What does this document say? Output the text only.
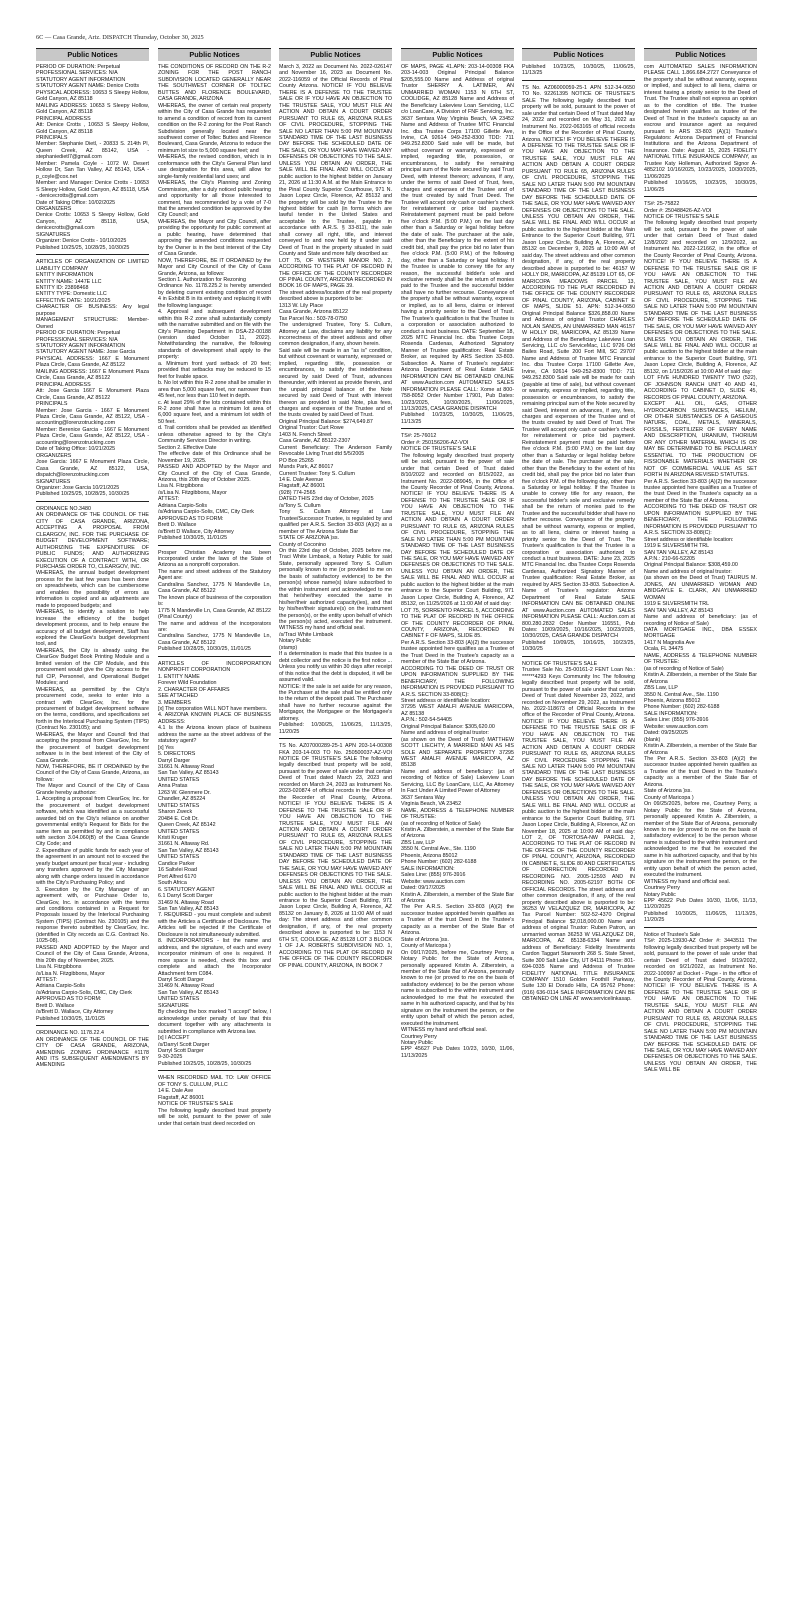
6C — Casa Grande, Ariz. DISPATCH Thursday, October 30, 2025
Public Notices

PERIOD OF DURATION: Perpetual

PROFESSIONAL SERVICES: N/A

STATUTORY AGENT INFORMATION

STATUTORY AGENT NAME: Denice Crotts

PHYSICAL ADDRESS: 10653 S Sleepy Hollow, Gold Canyon, AZ 85118

MAILING ADDRESS: 10653 S Sleepy Hollow, Gold Canyon, AZ 85118

PRINCIPAL ADDRESS

Att: Denice Crotts , 10653 S Sleepy Hollow, Gold Canyon, AZ 85118

PRINCIPALS

Member: Stephanie Dietl, - 20833 S. 214th Pl, Queen Creek, AZ 85142, USA - stephaniedietl7@gmail.com

Member: Pamela Coyle - 1072 W. Desert Hollow Dr, San Tan Valley, AZ 85143, USA - p_coyle@cox.net

Member: and Manager: Denice Crotts - 10653 S Sleepy Hollow, Gold Canyon, AZ 85118, USA - denicecrotts@gmail.com

Date of Taking Office: 10/02/2025

ORGANIZERS

Denice Crotts: 10653 S Sleepy Hollow, Gold Canyon, AZ 85118, USA, denicecrotts@gmail.com

SIGNATURES

Organizer: Denice Crotts - 10/10/2025

Published 10/25/25, 10/28/25, 10/30/25

ARTICLES OF ORGANIZATION OF LIMITED LIABILITY COMPANY

ENTITY INFORMATION

ENTITY NAME: 1447E LLC

ENTITY ID: 23898468

ENTITY TYPE: Domestic LLC

EFFECTIVE DATE: 10/21/2025

CHARACTER OF BUSINESS: Any legal purpose

MANAGEMENT STRUCTURE: Member-Owned

PERIOD OF DURATION: Perpetual

PROFESSIONAL SERVICES: N/A

STATUTORY AGENT INFORMATION

STATUTORY AGENT NAME: Jose Garcia

PHYSICAL ADDRESS: 1667 E Monument Plaza Circle, Casa Grande, AZ 85122

MAILING ADDRESS: 1667 E Monument Plaza Circle, Casa Grande, AZ 85122

PRINCIPAL ADDRESS

Att: Jose Garcia 1667 E Monument Plaza Circle, Casa Grande, AZ 85122

PRINCIPALS

Member: Jose Garcia - 1667 E Monument Plaza Circle, Casa Grande, AZ 85122, USA - accounting@lorenzotrucking.com

Member: Berenice Garcia - 1667 E Monument Plaza Circle, Casa Grande, AZ 85122, USA - accounting@lorenzotrucking.com

Date of Taking Office: 10/21/2025

ORGANIZERS

Jose Garcia: 1667 E Monument Plaza Circle, Casa Grande, AZ 85122, USA, dispatch@lorenzotrucking.com

SIGNATURES

Organizer: Jose Garcia 10/21/2025

Published 10/25/25, 10/28/25, 10/30/25

ORDINANCE NO.3480

AN ORDINANCE OF THE COUNCIL OF THE CITY OF CASA GRANDE, ARIZONA, ACCEPTING A PROPOSAL FROM CLEARGOV, INC. FOR THE PURCHASE OF BUDGET DEVELOPMENT SOFTWARE; AUTHORIZING THE EXPENDITURE OF PUBLIC FUNDS; AND AUTHORIZING EXECUTION OF A CONTRACT WITH, OR PURCHASE ORDER TO, CLEARGOV, INC.

WHEREAS, the annual budget development process for the last few years has been done on spreadsheets, which can be cumbersome and enables the possibility of errors as information is copied and as adjustments are made to proposed budgets; and

WHEREAS, to identify a solution to help increase the efficiency of the budget development process, and to help ensure the accuracy of all budget development, Staff has explored the ClearGov's budget development tool, and

WHEREAS, the City is already using the ClearGov Budget Book Printing Module and a limited version of the CIP Module, and this procurement would give the City access to the full CIP, Personnel, and Operational Budget Modules; and

WHEREAS, as permitted by the City's procurement code, seeks to enter into a contract with ClearGov, Inc. for the procurement of budget development software on the terms, conditions, and specifications set forth in the Interlocal Purchasing System (TIPS) (Contract No. 230105); and

WHEREAS, the Mayor and Council find that accepting the proposal from ClearGov, Inc. for the procurement of budget development software is in the best interest of the City of Casa Grande.

NOW, THEREFORE, BE IT ORDAINED by the Council of the City of Casa Grande, Arizona, as follows:

The Mayor and Council of the City of Casa Grande hereby authorize:

1. Accepting a proposal from ClearGov, Inc. for the procurement of budget development software, which was identified as a successful awarded bid on the City's reliance on another governmental entity's Request for Bids for the same item as permitted by and in compliance with section 3.04.060(B) of the Casa Grande City Code; and

2. Expenditure of public funds for each year of the agreement in an amount not to exceed the yearly budget amount per fiscal year - including any transfers approved by the City Manager along with change orders issued in accordance with the City's Purchasing Policy; and

3. Execution by the City Manager of an agreement with, or Purchase Order to, ClearGov, Inc. in accordance with the terms and conditions contained in a Request for Proposals issued by the Interlocal Purchasing System (TIPS) (Contract No. 230105) and the response thereto submitted by ClearGov, Inc. (identified in City records as C.G. Contract No. 1025-08).

PASSED AND ADOPTED by the Mayor and Council of the City of Casa Grande, Arizona, this 20th day of November, 2025.

Lisa N. Fitzgibbons

/s/Lisa N. Fitzgibbons, Mayor

ATTEST:

Adriana Carpio-Solis

/s/Adriana Carpio-Solis, CMC, City Clerk

APPROVED AS TO FORM:

Brett D. Wallace

/s/Brett D. Wallace, City Attorney

Published 10/30/25, 11/01/25

ORDINANCE NO. 1178.22.4

AN ORDINANCE OF THE COUNCIL OF THE CITY OF CASA GRANDE, ARIZONA, AMENDING ZONING ORDINANCE #1178 AND ITS SUBSEQUENT AMENDMENTS BY AMENDING

Public Notices

THE CONDITIONS OF RECORD ON THE R-2 ZONING FOR THE POST RANCH SUBDIVISION LOCATED GENERALLY NEAR THE SOUTHWEST CORNER OF TOLTEC BUTTES AND FLORENCE BOULEVARD, CASA GRANDE, ARIZONA

WHEREAS, the owner of certain real property within the City of Casa Grande has requested to amend a condition of record from its current condition on the R-2 zoning for the Post Ranch Subdivision generally located near the southwest corner of Toltec Buttes and Florence Boulevard, Casa Grande, Arizona to reduce the minimum lot size to 5,000 square feet; and

WHEREAS, the revised condition, which is in conformance with the City's General Plan land use designation for this area, will allow for single-family residential land uses; and

WHEREAS, the City's Planning and Zoning Commission, after a duly noticed public hearing and opportunity for all those interested to comment, has recommended by a vote of 7-0 that the amended condition be approved by the City Council; and

WHEREAS, the Mayor and City Council, after providing the opportunity for public comment at a public hearing, have determined that approving the amended conditions requested by the Owner is in the best interest of the City of Casa Grande.

NOW, THEREFORE, BE IT ORDAINED by the Mayor and City Council of the City of Casa Grande, Arizona, as follows:

Section 1. Authorization for Rezoning

Ordinance No. 1178.225.2 is hereby amended by deleting current existing condition of record 4 in Exhibit B in its entirety and replacing it with the following language:

4. Approval and subsequent development within this R-2 zone shall substantially comply with the narrative submitted and on file with the City's Planning Department in DSA-22-00188 (version dated October 11, 2022). Notwithstanding the narrative, the following standards of development shall apply to the property:

a. Minimum front yard setback of 20 feet; provided that setbacks may be reduced to 15 feet for livable space.

b. No lot within this R-2 zone shall be smaller in area than 5,000 square feet, nor narrower than 45 feet, nor less than 110 feet in depth.

c. At least 29% of the lots contained within this R-2 zone shall have a minimum lot area of 6,000 square feet, and a minimum lot width of 50 feet.

d. Trail corridors shall be provided as identified unless otherwise agreed to by the City's Community Services Director in writing.

Section 2. Effective Date

The effective date of this Ordinance shall be November 19, 2025.

PASSED AND ADOPTED by the Mayor and City Council of the City of Casa Grande, Arizona, this 20th day of October 2025.

Lisa N. Fitzgibbons

/s/Lisa N. Fitzgibbons, Mayor

ATTEST:

Adriana Carpio-Solis

/s/Adriana Carpio-Solis, CMC, City Clerk

APPROVED AS TO FORM:

Brett D. Wallace

/s/Brett D Wallace, City Attorney

Published 10/30/25, 11/01/25

Prosper Christian Academy has been incorporated under the laws of the State of Arizona as a nonprofit corporation.

The name and street address of the Statutory Agent are:

Candralina Sanchez, 1775 N Mandeville Ln, Casa Grande, AZ 85122

The known place of business of the corporation is:

1775 N Mandeville Ln, Casa Grande, AZ 85122 (Pinal County)

The name and address of the incorporators are:

Candralina Sanchez, 1775 N Mandeville Ln, Casa Grande, AZ 85122

Published 10/28/25, 10/30/25, 11/01/25

ARTICLES OF INCORPORATION NONPROFIT CORPORATION

1. ENTITY NAME

Forever Wild Foundation

2. CHARACTER OF AFFAIRS

SEE ATTACHED

3. MEMBERS

[x] The corporation WILL NOT have members.

4. ARIZONA KNOWN PLACE OF BUSINESS ADDRESS:

4.1 Is the Arizona known place of business address the same as the street address of the statutory agent?

[x] Yes

5. DIRECTORS

Darryl Darger

31661 N. Altaway Road

San Tan Valley, AZ 85143

UNITED STATES

Anna Pratas

1263 W. Glenmere Dr.

Chandler, AZ 85224

UNITED STATES

Sharon Zweck

20484 E. Colt Dr.

Queen Creek, AZ 85142

UNITED STATES

Kristi Kruger

31661 N. Altaway Rd.

San Tan Valley, AZ 85143

UNITED STATES

Candice Parker

16 Saltvlei Road

Port Alfred 6170

South Africa

6. STATUTORY AGENT

6.1 Darryl Scott Darger

31469 N. Altaway Road

San Tan Valley, AZ 85143

7. REQUIRED - you must complete and submit with the Articles a Certificate of Disclosure. The Articles will be rejected if the Certificate of Disclosure is not simultaneously submitted.

8. INCORPORATORS - list the name and address, and the signature, of each and every incorporator minimum of one is required. If more space is needed, check this box and complete and attach the Incorporator Attachment form C084.

Darryl Scott Darger

31469 N. Altaway Road

San Tan Valley, AZ 85143

UNITED STATES

SIGNATURE

By checking the box marked "I accept" below, I acknowledge under penalty of law that this document together with any attachments is submitted in compliance with Arizona law.

[x] I ACCEPT

/s/Darryl Scott Darger

Darryl Scott Darger

9-30-2025

Published 10/25/25, 10/28/25, 10/30/25

WHEN RECORDED MAIL TO: LAW OFFICE OF TONY S. CULLUM, PLLC

14 E. Dale Ave

Flagstaff, AZ 86001

NOTICE OF TRUSTEE'S SALE

The following legally described trust property will be sold, pursuant to the power of sale under that certain trust deed recorded on

Public Notices

March 3, 2022 as Document No. 2022-026147 and November 16, 2023 as Document No. 2022-116059 of the Official Records of Pinal County Arizona. NOTICE! IF YOU BELIEVE THERE IS A DEFENSE TO THE TRUSTEE SALE OR IF YOU HAVE AN OBJECTION TO THE TRUSTEE SALE, YOU MUST FILE AN ACTION AND OBTAIN A COURT ORDER PURSUANT TO RULE 65, ARIZONA RULES OF CIVIL PROCEDURE, STOPPING THE SALE NO LATER THAN 5:00 PM MOUNTAIN STANDARD TIME OF THE LAST BUSINESS DAY BEFORE THE SCHEDULED DATE OF THE SALE, OR YOU MAY HAVE WAIVED ANY DEFENSES OR OBJECTIONS TO THE SALE. UNLESS YOU OBTAIN AN ORDER, THE SALE WILL BE FINAL AND WILL OCCUR at public auction to the highest bidder on January 21, 2026 at 11:30 A.M. at the Main Entrance to the Pinal County Superior Courthouse, 971 N. Jason Lopez Circle, Florence, AZ 85132 and the property will be sold by the Trustee to the highest bidder for cash (in forms which are lawful tender in the United States and acceptable to the Trustee, payable in accordance with A.R.S. § 33-811), the sale shall convey all right, title, and interest conveyed to and now held by it under said Deed of Trust in the property situated in said County and State and more fully described as:

LOT 75, OF WESTERN MANOR NO. 2, ACCORDING TO THE PLAT OF RECORD IN THE OFFICE OF THE COUNTY RECORDER OF PINAL COUNTY, ARIZONA RECORDED IN BOOK 16 OF MAPS, PAGE 39.

The street address/location of the real property described above is purported to be:

1313 W. Lily Place

Casa Grande, Arizona 85122

Tax Parcel No.: 503-78-0750

The undersigned Trustee, Tony S. Cullum, Attorney at Law, disclaims any liability for any incorrectness of the street address and other common designation, if any, shown herein.

Said sale will be made in an "as is" condition, but without covenant or warranty, expressed or implied, regarding title, possession or encumbrances, to satisfy the indebtedness secured by said Deed of Trust, advances thereunder, with interest as provide therein, and the unpaid principal balance of the Note secured by said Deed of Trust with interest thereon as provided in said Note, plus fees, charges and expenses of the Trustee and of the trusts created by said Deed of Trust.

Original Principal Balance: $274,649.87

Original Trustor: Curt Rowe

1403 N. French Street

Casa Grande, AZ 85122-2307

Current Beneficiary: The Anderson Family Revocable Living Trust dtd 5/5/2005

PO Box 25265

Munds Park, AZ 86017

Current Trustee: Tony S. Cullum

14 E. Dale Avenue

Flagstaff, AZ 86001

(928) 774-2565

DATED THIS 23rd day of October, 2025

/s/Tony S. Cullum

Tony S. Cullum Attorney at Law Trustee/Successor Trustee, is regulated by and qualified per A.R.S. Section 33-803 (A)(2) as a member of The Arizona State Bar

STATE OF ARIZONA )ss.

County of Coconino

On this 23rd day of October, 2025 before me, Traci White Limbaok, a Notary Public for said State, personally appeared Tony S. Cullum personally known to me (or provided to me on the basis of satisfactory evidence) to be the person(s) whose name(s) is/are subscribed to the within instrument and acknowledged to me that he/she/they executed the same in his/her/their authorized capacity(ies), and that by his/her/their signature(s) on the instrument the person(s), or the entity upon behalf of which the person(s) acted, executed the instrument. WITNESS my hand and official seal.

/s/Traci White Limbaok

Notary Public

(stamp)

If a determination is made that this trustee is a debt collector and the notice is the first notice ... Unless you notify us within 30 days after receipt of this notice that the debt is disputed, it will be assumed valid.

NOTICE: If the sale is set aside for any reason, the Purchaser at the sale shall be entitled only to the return of the deposit paid. The Purchaser shall have no further recourse against the Mortgagor, the Mortgagee or the Mortgagee's attorney.

Published: 10/30/25, 11/06/25, 11/13/25, 11/20/25

TS No. AZ07000289-25-1 APN 203-14-00308 FKA 203-14-003 TO No. 250500037-AZ-VOI NOTICE OF TRUSTEE'S SALE The following legally described trust property will be sold, pursuant to the power of sale under that certain Deed of Trust dated March 23, 2023 and recorded on March 24, 2023 as Instrument No. 2023-020874 of official records in the Office of the Recorder of Pinal County, Arizona. NOTICE! IF YOU BELIEVE THERE IS A DEFENSE TO THE TRUSTEE SALE OR IF YOU HAVE AN OBJECTION TO THE TRUSTEE SALE, YOU MUST FILE AN ACTION AND OBTAIN A COURT ORDER PURSUANT TO RULE 65, ARIZONA RULES OF CIVIL PROCEDURE, STOPPING THE SALE NO LATER THAN 5:00 PM MOUNTAIN STANDARD TIME OF THE LAST BUSINESS DAY BEFORE THE SCHEDULED DATE OF THE SALE, OR YOU MAY HAVE WAIVED ANY DEFENSES OR OBJECTIONS TO THE SALE. UNLESS YOU OBTAIN AN ORDER, THE SALE WILL BE FINAL AND WILL OCCUR at public auction to the highest bidder at the main entrance to the Superior Court Building, 971 Jason Lopez Circle, Building A, Florence, AZ 85132 on January 8, 2026 at 11:00 AM of said day: The street address and other common designation, if any, of the real property described above is purported to be: 1153 N 6TH ST, COOLIDGE, AZ 85128 LOT 3 BLOCK 1 OF J.A. ROBERTS SUBDIVISION NO. 1, ACCORDING TO THE PLAT OF RECORD IN THE OFFICE OF THE COUNTY RECORDER OF PINAL COUNTY, ARIZONA, IN BOOK 7

Public Notices

OF MAPS, PAGE 41.APN: 203-14-00308 FKA 203-14-003 Original Principal Balance $205,555.00 Name and Address of original Trustor SHERRY A. LATIMER, AN UNMARRIED WOMAN 1153 N 6TH ST, COOLIDGE, AZ 85128 Name and Address of the Beneficiary Lakeview Loan Servicing, LLC c/o LoanCare, A Division of FNF Servicing, Inc. 3637 Sentara Way Virginia Beach, VA 23452 Name and Address of Trustee MTC Financial Inc. dba Trustee Corps 17100 Gillette Ave, Irvine, CA 92614 949-252-8300 TDD: 711 949.252.8300 Said sale will be made, but without covenant or warranty, expressed or implied, regarding title, possession, or encumbrances, to satisfy the remaining principal sum of the Note secured by said Trust Deed, with interest thereon; advances, if any, under the terms of said Deed of Trust, fees, charges and expenses of the Trustee and of the trust created by said Trust Deed. The Trustee will accept only cash or cashier's check for reinstatement or price bid payment. Reinstatement payment must be paid before five o'clock P.M. (5:00 P.M.) on the last day other than a Saturday or legal holiday before the date of sale. The purchaser at the sale, other than the Beneficiary to the extent of his credit bid, shall pay the price bid no later than five o'clock P.M. (5:00 P.M.) of the following day, other than a Saturday or legal holiday. If the Trustee is unable to convey title for any reason, the successful bidder's sole and exclusive remedy shall be the return of monies paid to the Trustee and the successful bidder shall have no further recourse. Conveyance of the property shall be without warranty, express or implied, as to all liens, claims or interest having a priority senior to the Deed of Trust. The Trustee's qualification is that the Trustee is a corporation or association authorized to conduct a trust business. DATE: September 18, 2025 MTC Financial Inc. dba Trustee Corps Rosenda Cardenas, Authorized Signatory Manner of Trustee qualification: Real Estate Broker, as required by ARS Section 33-803. Subsection A. Name of Trustee's regulator: Arizona Department of Real Estate SALE INFORMATION CAN BE OBTAINED ONLINE AT www.Auction.com AUTOMATED SALES INFORMATION PLEASE CALL: Xome at 800-758-8052 Order Number 17901, Pub Dates: 10/23/2025, 10/30/2025, 11/06/2025, 11/13/2025, CASA GRANDE DISPATCH

Published 10/23/25, 10/30/25, 11/06/25, 11/13/25

TS#: 25-76012

Order #: 250156206-AZ-VOI

NOTICE OF TRUSTEE'S SALE

The following legally described trust property will be sold, pursuant to the power of sale under that certain Deed of Trust dated 8/10/2022 and recorded on 8/15/2022, as Instrument No. 2022-089045, in the Office of the County Recorder of Pinal County, Arizona. NOTICE! IF YOU BELIEVE THERE IS A DEFENSE TO THE TRUSTEE SALE OR IF YOU HAVE AN OBJECTION TO THE TRUSTEE SALE, YOU MUST FILE AN ACTION AND OBTAIN A COURT ORDER PURSUANT TO RULE 65, ARIZONA RULES OF CIVIL PROCEDURE, STOPPING THE SALE NO LATER THAN 5:00 PM MOUNTAIN STANDARD TIME OF THE LAST BUSINESS DAY BEFORE THE SCHEDULED DATE OF THE SALE, OR YOU MAY HAVE WAIVED ANY DEFENSES OR OBJECTIONS TO THE SALE. UNLESS YOU OBTAIN AN ORDER, THE SALE WILL BE FINAL AND WILL OCCUR at public auction to the highest bidder at the main entrance to the Superior Court Building, 971 Jason Lopez Circle, Building A, Florence, AZ 85132, on 11/25/2026 at 11:00 AM of said day:

LOT 75, SORRENTO PARCEL 5, ACCORDING TO THE PLAT OF RECORD IN THE OFFICE OF THE COUNTY RECORDER OF PINAL COUNTY, ARIZONA, RECORDED IN CABINET F OF MAPS, SLIDE 85.

Per A.R.S. Section 33-803 (A)(2) the successor trustee appointed here qualifies as a Trustee of the Trust Deed in the Trustee's capacity as a member of the State Bar of Arizona.

ACCORDING TO THE DEED OF TRUST OR UPON INFORMATION SUPPLIED BY THE BENEFICIARY, THE FOLLOWING INFORMATION IS PROVIDED PURSUANT TO A.R.S. SECTION 33-808(C):

Street address or identifiable location:

37295 WEST AMALFI AVENUE MARICOPA, AZ 85138

A.P.N.: 502-54-54405

Original Principal Balance: $305,620.00

Name and address of original trustor:

(as shown on the Deed of Trust) MATTHEW SCOTT LIECHTY, A MARRIED MAN AS HIS SOLE AND SEPARATE PROPERTY 37295 WEST AMALFI AVENUE MARICOPA, AZ 85138

Name and address of beneficiary: (as of recording of Notice of Sale) Lakeview Loan Servicing, LLC By LoanCare, LLC, As Attorney In Fact Under A Limited Power of Attorney

3637 Sentara Way

Virginia Beach, VA 23452

NAME, ADDRESS & TELEPHONE NUMBER OF TRUSTEE:

(as of recording of Notice of Sale)

Kristin A. Zilberstein, a member of the State Bar of Arizona

ZBS Law, LLP

3550 N. Central Ave., Ste. 1190

Phoenix, Arizona 85012

Phone Number: (602) 282-6188

SALE INFORMATION:

Sales Line: (855) 976-3916

Website: www.auction.com

Dated: 09/17/2025

Kristin A. Zilberstein, a member of the State Bar of Arizona

The Per A.R.S. Section 33-803 (A)(2) the successor trustee appointed herein qualifies as a Trustee of the trust Deed in the Trustee's capacity as a member of the State Bar of Arizona.

State of Arizona )ss.

County of Maricopa )

On 09/17/2025, before me, Courtney Perry, a Notary Public for the State of Arizona, personally appeared Kristin A. Zilberstein, a member of the State Bar of Arizona, personally known to me (or proved to me on the basis of satisfactory evidence) to be the person whose name is subscribed to the within instrument and acknowledged to me that he executed the same in his authorized capacity, and that by his signature on the instrument the person, or the entity upon behalf of which the person acted, executed the instrument.

WITNESS my hand and official seal.

Courtney Perry

Notary Public

EPP 45627 Pub Dates 10/23, 10/30, 11/06, 11/13/2025

Public Notices

Published 10/23/25, 10/30/25, 11/06/25, 11/13/25

TS No. AZ06000059-25-1 APN 512-34-0650 TO No. 92261395 NOTICE OF TRUSTEE'S SALE The following legally described trust property will be sold, pursuant to the power of sale under that certain Deed of Trust dated May 24, 2022 and recorded on May 31, 2022 as Instrument No. 2022-063165 of official records in the Office of the Recorder of Pinal County, Arizona. NOTICE! IF YOU BELIEVE THERE IS A DEFENSE TO THE TRUSTEE SALE OR IF YOU HAVE AN OBJECTION TO THE TRUSTEE SALE, YOU MUST FILE AN ACTION AND OBTAIN A COURT ORDER PURSUANT TO RULE 65, ARIZONA RULES OF CIVIL PROCEDURE, STOPPING THE SALE NO LATER THAN 5:00 PM MOUNTAIN STANDARD TIME OF THE LAST BUSINESS DAY BEFORE THE SCHEDULED DATE OF THE SALE, OR YOU MAY HAVE WAIVED ANY DEFENSES OR OBJECTIONS TO THE SALE. UNLESS YOU OBTAIN AN ORDER, THE SALE WILL BE FINAL AND WILL OCCUR at public auction to the highest bidder at the Main Entrance to the Superior Court Building, 971 Jason Lopez Circle, Building A, Florence, AZ 85132 on December 9, 2025 at 10:00 AM of said day. The street address and other common designation, if any, of the real property described above is purported to be: 46157 W HOLLY DR, MARICOPA, AZ 85139 LOT 65, OF MARICOPA MEADOWS PARCEL 13, ACCORDING TO THE PLAT RECORDED IN THE OFFICE OF THE COUNTY RECORDER OF PINAL COUNTY, ARIZONA, CABINET E OF MAPS, SLIDE 51. APN: 512-34-0650 Original Principal Balance $326,858.00 Name and Address of original Trustor CHARLES NOLAN SANDS, AN UNMARRIED MAN 46157 W HOLLY DR, MARICOPA, AZ 85139 Name and Address of the Beneficiary Lakeview Loan Servicing, LLC c/o ServiceMac, LLC 9726 Old Bailes Road, Suite 200 Fort Mill, SC 29707 Name and Address of Trustee MTC Financial Inc. dba Trustee Corps 17100 Gillette Ave, Irvine, CA 92614 949-252-8300 TDD: 711 949.252.8300 Said sale will be made for cash (payable at time of sale), but without covenant or warranty, express or implied, regarding title, possession or encumbrances, to satisfy the remaining principal sum of the Note secured by said Deed, interest on advances, if any, fees, charges and expenses of the Trustee and of the trusts created by said Deed of Trust. The Trustee will accept only cash or cashier's check for reinstatement or price bid payment. Reinstatement payment must be paid before five o'clock P.M. (5:00 P.M.) on the last day other than a Saturday or legal holiday before the date of sale. The purchaser at the sale, other than the Beneficiary to the extent of his credit bid, shall pay the price bid no later than five o'clock P.M. of the following day, other than a Saturday or legal holiday. If the Trustee is unable to convey title for any reason, the successful bidder's sole and exclusive remedy shall be the return of monies paid to the Trustee and the successful bidder shall have no further recourse. Conveyance of the property shall be without warranty, express or implied, as to all liens, claims or interest having a priority senior to the Deed of Trust. The Trustee's qualification is that the Trustee is a corporation or association authorized to conduct a trust business. DATE: June 23, 2025 MTC Financial Inc. dba Trustee Corps Rosenda Cardenas, Authorized Signatory Manner of Trustee qualification: Real Estate Broker, as required by ARS Section 33-803. Subsection A. Name of Trustee's regulator: Arizona Department of Real Estate SALE INFORMATION CAN BE OBTAINED ONLINE AT www.Auction.com AUTOMATED SALES INFORMATION PLEASE CALL: Auction.com at 800.280.2832 Order Number 116551, Pub Dates: 10/09/2025, 10/16/2025, 10/23/2025, 10/30/2025, CASA GRANDE DISPATCH

Published 10/09/25, 10/16/25, 10/23/25, 10/30/25

NOTICE OF TRUSTEE'S SALE

Trustee Sale No. 25-00161-2 FENT Loan No.: ******4293 Keys Community Inc The following legally described trust property will be sold, pursuant to the power of sale under that certain Deed of Trust dated November 23, 2022, and recorded on November 29, 2022, as Instrument No. 2022-118673 of Official Records in the office of the Recorder of Pinal County, Arizona. NOTICE! IF YOU BELIEVE THERE IS A DEFENSE TO THE TRUSTEE SALE OR IF YOU HAVE AN OBJECTION TO THE TRUSTEE SALE, YOU MUST FILE AN ACTION AND OBTAIN A COURT ORDER PURSUANT TO RULE 65, ARIZONA RULES OF CIVIL PROCEDURE STOPPING THE SALE NO LATER THAN 5:00 PM MOUNTAIN STANDARD TIME OF THE LAST BUSINESS DAY BEFORE THE SCHEDULED DATE OF THE SALE, OR YOU MAY HAVE WAIVED ANY DEFENSES OR OBJECTIONS TO THE SALE. UNLESS YOU OBTAIN AN ORDER, THE SALE WILL BE FINAL AND WILL OCCUR at public auction to the highest bidder at the main entrance to the Superior Court Building, 971 Jason Lopez Circle, Building A, Florence, AZ on November 18, 2025 at 10:00 AM of said day: LOT 2, OF TORTOSA-NW PARCEL 2, ACCORDING TO THE PLAT OF RECORD IN THE OFFICE OF THE COUNTY RECORDER OF PINAL COUNTY, ARIZONA, RECORDED IN CABINET E, SLIDE 80 AND CERTIFICATES OF CORRECTION RECORDED IN RECORDING NO. 2005-12593 AND IN RECORDING NO. 2005-62197 BOTH OF OFFICIAL RECORDS. The street address and other common designation, if any, of the real property described above is purported to be: 36253 W VELAZQUEZ DR, MARICOPA, AZ Tax Parcel Number: 502-52-4370 Original Principal Balance $2,018,000.00 Name and address of original Trustor: Ruben Patron, an unmarried woman 36253 W VELAZQUEZ DR, MARICOPA, AZ 85138-6334 Name and address of Beneficiary: Fidelity Investments Cardon Taggart Stanworth 268 S. State Street, Suite 300 Salt Lake City, UT 84111 Phone: 801-694-0335 Name and Address of Trustee FIDELITY NATIONAL TITLE INSURANCE COMPANY 1510 Golden Foothill Parkway, Suite 130 El Dorado Hills, CA 95762 Phone: (916) 636-0114 SALE INFORMATION CAN BE OBTAINED ON LINE AT www.servicelinkasap.

Public Notices

com AUTOMATED SALES INFORMATION PLEASE CALL 1.866.684.2727 Conveyance of the property shall be without warranty, express or implied, and subject to all liens, claims or interest having a priority senior to the Deed of Trust. The Trustee shall not express an opinion as to the condition of title. The trustee designated herein qualifies as trustee of the Deed of Trust in the trustee's capacity as an escrow and insurance agent as required pursuant to ARS 33-803 (A)(1) Trustee's Regulators: Arizona Department of Financial Institutions and the Arizona Department of Insurance. Date: August 15, 2025 FIDELITY NATIONAL TITLE INSURANCE COMPANY, as Trustee Katy Holleman, Authorized Signor A-4852102 10/16/2025, 10/23/2025, 10/30/2025, 11/06/2025

Published 10/16/25, 10/23/25, 10/30/25, 11/06/25

TS#: 25-75822

Order #: 250488426-AZ-VOI

NOTICE OF TRUSTEE'S SALE

The following legally described trust property will be sold, pursuant to the power of sale under that certain Deed of Trust dated 12/8/2022 and recorded on 12/9/2022, as Instrument No. 2022-121662, in the office of the County Recorder of Pinal County, Arizona. NOTICE! IF YOU BELIEVE THERE IS A DEFENSE TO THE TRUSTEE SALE OR IF YOU HAVE AN OBJECTION TO THE TRUSTEE SALE, YOU MUST FILE AN ACTION AND OBTAIN A COURT ORDER PURSUANT TO RULE 65, ARIZONA RULES OF CIVIL PROCEDURE, STOPPING THE SALE NO LATER THAN 5:00 PM MOUNTAIN STANDARD TIME OF THE LAST BUSINESS DAY BEFORE THE SCHEDULED DATE OF THE SALE, OR YOU MAY HAVE WAIVED ANY DEFENSES OR OBJECTIONS TO THE SALE. UNLESS YOU OBTAIN AN ORDER, THE SALE WILL BE FINAL AND WILL OCCUR at public auction to the highest bidder at the main entrance to the Superior Court Building, 971 Jason Lopez Circle, Building A, Florence, AZ 85132, on 1/15/2026 at 10:00 AM of said day:

LOT FIVE HUNDRED TWENTY TWO (522), OF JOHNSON RANCH UNIT 40 AND 41, ACCORDING TO CABINET D, SLIDE 45, RECORDS OF PINAL COUNTY, ARIZONA.

EXCEPT ALL OIL, GAS, OTHER HYDROCARBON SUBSTANCES, HELIUM, OR OTHER SUBSTANCES OF A GASEOUS NATURE, COAL, METALS, MINERALS, FOSSILS, FERTILIZER OF EVERY NAME AND DESCRIPTION, URANIUM, THORIUM OR ANY OTHER MATERIAL WHICH IS OR MAY BE DETERMINED TO BE PECULIARLY ESSENTIAL TO THE PRODUCTION OF FISSIONABLE MATERIALS WHETHER OR NOT OF COMMERCIAL VALUE AS SET FORTH IN ARIZONA REVISED STATUTES.

Per A.R.S. Section 33-803 (A)(2) the successor trustee appointed here qualifies as a Trustee of the trust Deed in the Trustee's capacity as a member of the State Bar of Arizona.

ACCORDING TO THE DEED OF TRUST OR UPON INFORMATION SUPPLIED BY THE BENEFICIARY, THE FOLLOWING INFORMATION IS PROVIDED PURSUANT TO A.R.S. SECTION 33-808(C):

Street address or identifiable location:

1919 E SILVERSMITH TRL

SAN TAN VALLEY, AZ 85143

A.P.N.: 210-66-52205

Original Principal Balance: $308,459.00

Name and address of original trustor:

(as shown on the Deed of Trust) TAURUS M. JONES, AN UNMARRIED WOMAN AND ABIDGAYLE E. CLARK, AN UNMARRIED WOMAN

1919 E SILVERSMITH TRL

SAN TAN VALLEY, AZ 85143

Name and address of beneficiary: (as of recording of Notice of Sale)

DATA MORTGAGE INC., DBA ESSEX MORTGAGE

1417 N Magnolia Ave

Ocala, FL 34475

NAME, ADDRESS & TELEPHONE NUMBER OF TRUSTEE:

(as of recording of Notice of Sale)

Kristin A. Zilberstein, a member of the State Bar of Arizona

ZBS Law, LLP

3550 N. Central Ave., Ste. 1190

Phoenix, Arizona 85012

Phone Number: (602) 282-6188

SALE INFORMATION:

Sales Line: (855) 976-3916

Website: www.auction.com

Dated: 09/25/2025

(blank)

Kristin A. Zilberstein, a member of the State Bar of Arizona

The Per A.R.S. Section 33-803 (A)(2) the successor trustee appointed herein qualifies as a Trustee of the trust Deed in the Trustee's capacity as a member of the State Bar of Arizona.

State of Arizona )ss.

County of Maricopa )

On 09/25/2025, before me, Courtney Perry, a Notary Public for the State of Arizona, personally appeared Kristin A. Zilberstein, a member of the State Bar of Arizona, personally known to me (or proved to me on the basis of satisfactory evidence) to be the person whose name is subscribed to the within instrument and acknowledged to me that he executed the same in his authorized capacity, and that by his signature on the instrument the person, or the entity upon behalf of which the person acted, executed the instrument.

WITNESS my hand and official seal.

Courtney Perry

Notary Public

EPP 45622 Pub Dates 10/30, 11/06, 11/13, 11/20/2025

Published 10/30/25, 11/06/25, 11/13/25, 11/20/25

Notice of Trustee's Sale

TS#: 2025-13930-AZ Order #: 3443511 The following legally described trust property will be sold, pursuant to the power of sale under that certain Deed of Trust dated 9/19/2022, recorded on 9/21/2022, as Instrument No. 2022-100997 at Docket - Page - in the office of the County Recorder of Pinal County, Arizona. NOTICE! IF YOU BELIEVE THERE IS A DEFENSE TO THE TRUSTEE SALE OR IF YOU HAVE AN OBJECTION TO THE TRUSTEE SALE, YOU MUST FILE AN ACTION AND OBTAIN A COURT ORDER PURSUANT TO RULE 65, ARIZONA RULES OF CIVIL PROCEDURE, STOPPING THE SALE NO LATER THAN 5:00 PM MOUNTAIN STANDARD TIME OF THE LAST BUSINESS DAY BEFORE THE SCHEDULED DATE OF THE SALE, OR YOU MAY HAVE WAIVED ANY DEFENSES OR OBJECTIONS TO THE SALE. UNLESS YOU OBTAIN AN ORDER, THE SALE WILL BE
